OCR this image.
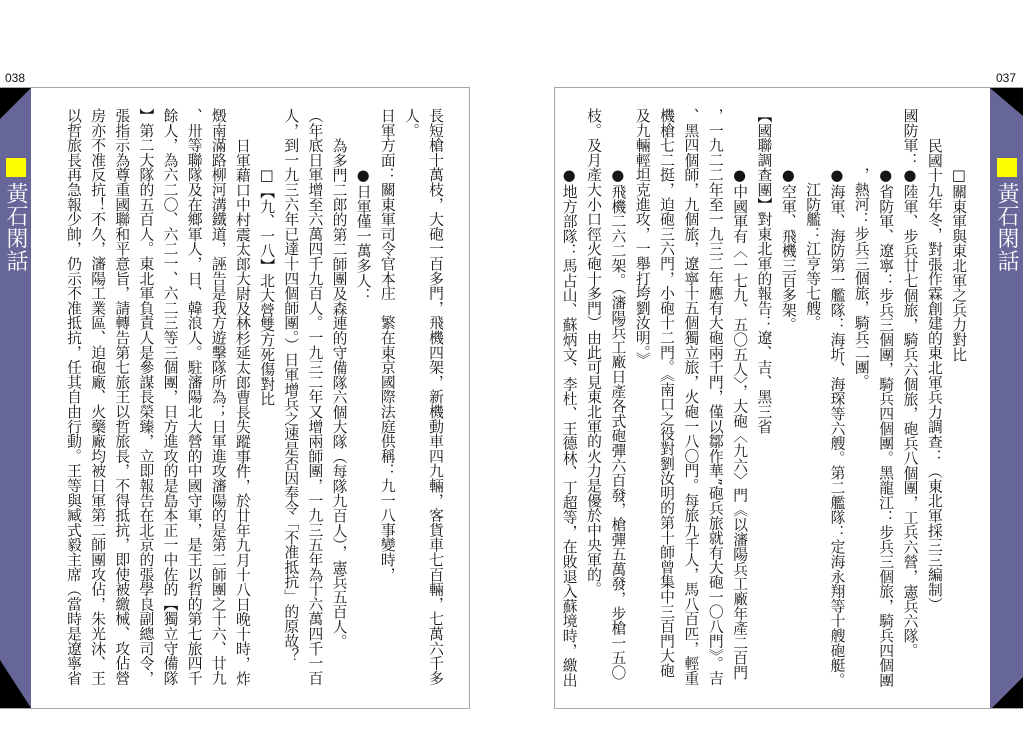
038	037
黃石閑話	長短槍十萬枝，大砲一百多門，飛機四架，新機動車四九輛，客貨車七百輛，七萬六千多
人。
日軍方面：關東軍司令官本庄　繁在東京國際法庭供稱：九一八事變時，
●日軍僅一萬多人：
為多門二郎的第二師團及森連的守備隊六個大隊（每隊九百人），憲兵五百人。
（年底日軍增至六萬四千九百人。一九三二年又增兩師團，一九三五年為十六萬四千一百
人，到一九三六年已達十四個師團。）日軍增兵之速是否因奉令「不准抵抗」的原故？
□【九、一八】北大營雙方死傷對比
日軍藉口中村震太郎大尉及林杉延太郎曹長失蹤事件，於廿年九月十八日晚十時，炸
燬南滿路柳河溝鐵道，誣告是我方遊擊隊所為；日軍進攻瀋陽的是第二師團之十六、廿九
、卅等聯隊及在鄉軍人，日、韓浪人。駐瀋陽北大營的中國守軍，是王以哲的第七旅四千
餘人，為六二〇、六二一、六二三等三個團，日方進攻的是島本正一中佐的【獨立守備隊
】第二大隊的五百人。東北軍負責人是參謀長榮臻，立即報告在北京的張學良副總司令，
張指示為尊重國聯和平意旨，請轉告第七旅王以哲旅長，不得抵抗，即使被繳械、攻佔營
房亦不准反抗！不久，瀋陽工業區、迫砲廠、火藥廠均被日軍第二師團攻佔，朱光沐、王
以哲旅長再急報少帥，仍示不准抵抗，任其自由行動。王等與臧式毅主席（當時是遼寧省	黃石閑話
□關東軍與東北軍之兵力對比
民國十九年冬，對張作霖創建的東北軍兵力調查：（東北軍採三三編制）
國防軍：●陸軍、步兵廿七個旅，騎兵六個旅，砲兵八個團，工兵六營，憲兵六隊。
●省防軍、遼寧：步兵三個團，騎兵四個團。黑龍江：步兵三個旅，騎兵四個團
，熱河：步兵三個旅，騎兵二團。
●海軍、海防第一艦隊：海圻、海琛等六艘。第二艦隊：定海永翔等十艘砲艇。
江防艦：江亨等七艘。
●空軍、飛機三百多架。
【國聯調查團】對東北軍的報告：遼、吉、黑三省
●中國軍有〈一七九、五〇五人〉，大砲〈九六〉門《以瀋陽兵工廠年產二百門
，一九二二年至一九三二年應有大砲兩千門，僅以鄒作華”砲兵旅就有大砲一〇八門》。吉
、黑四個師，九個旅，遼寧十五個獨立旅，火砲一八〇門。每旅九千人，馬八百匹，輕重
機槍七二挺，迫砲三六門，小砲十二門。《南口之役對劉汝明的第十師曾集中三百門大砲
及九輛輕坦克進攻，一舉打垮劉汝明。》
●飛機二六二架。（瀋陽兵工廠日產各式砲彈六百發，槍彈五萬發，步槍一五〇
枝。及月產大小口徑火砲十多門）由此可見東北軍的火力是優於中央軍的。
●地方部隊：馬占山、蘇炳文、李杜、王德林、丁超等，在敗退入蘇境時，繳出
